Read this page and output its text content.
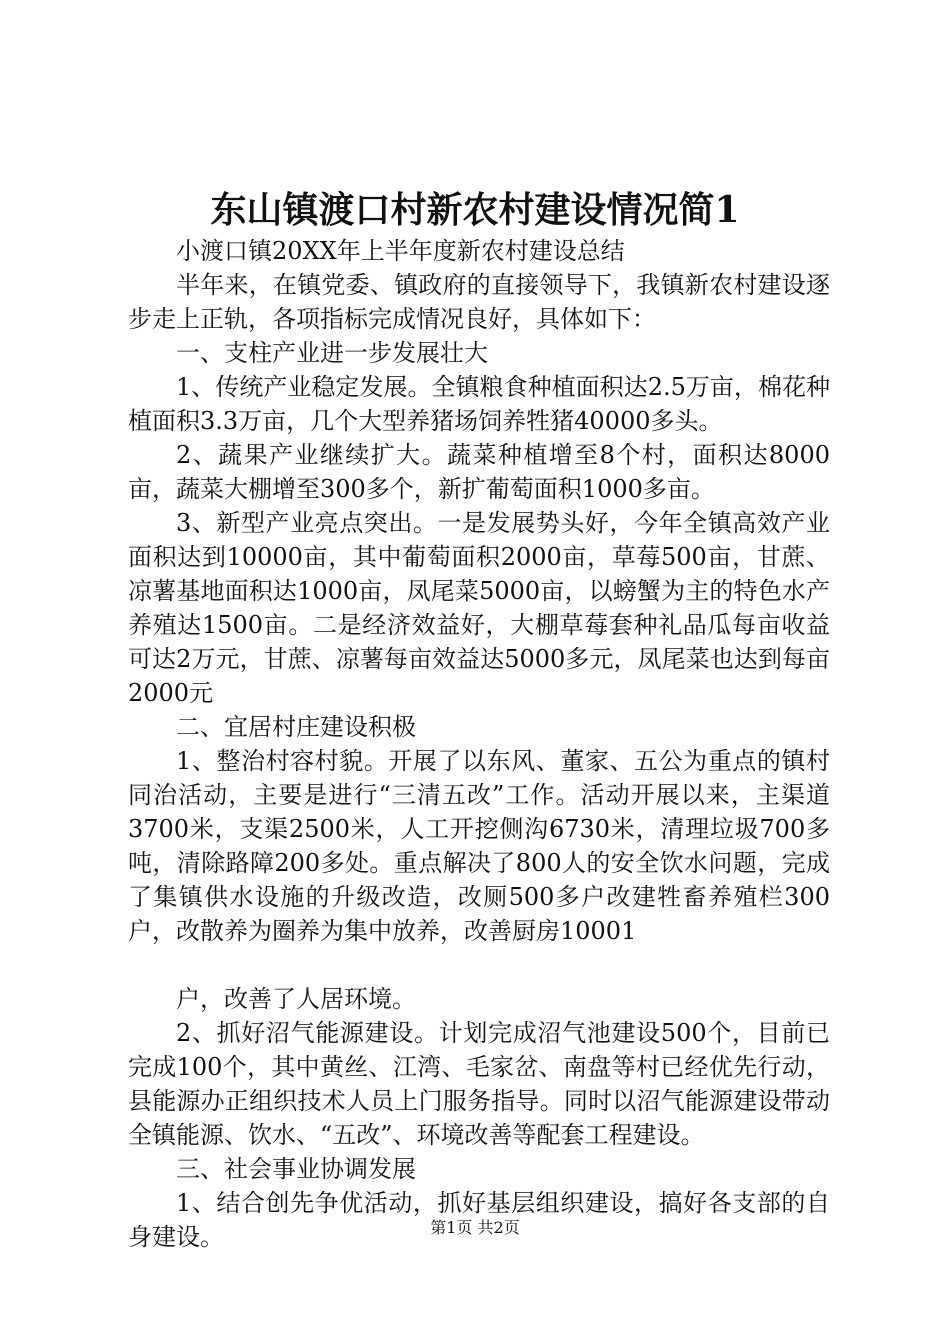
东山镇渡口村新农村建设情况简1

小渡口镇20XX年上半年度新农村建设总结

半年来，在镇党委、镇政府的直接领导下，我镇新农村建设逐步走上正轨，各项指标完成情况良好，具体如下：

一、支柱产业进一步发展壮大

1、传统产业稳定发展。全镇粮食种植面积达2.5万亩，棉花种植面积3.3万亩，几个大型养猪场饲养牲猪40000多头。

2、蔬果产业继续扩大。蔬菜种植增至8个村，面积达8000亩，蔬菜大棚增至300多个，新扩葡萄面积1000多亩。

3、新型产业亮点突出。一是发展势头好，今年全镇高效产业面积达到10000亩，其中葡萄面积2000亩，草莓500亩，甘蔗、凉薯基地面积达1000亩，凤尾菜5000亩，以螃蟹为主的特色水产养殖达1500亩。二是经济效益好，大棚草莓套种礼品瓜每亩收益可达2万元，甘蔗、凉薯每亩效益达5000多元，凤尾菜也达到每亩2000元

二、宜居村庄建设积极

1、整治村容村貌。开展了以东风、董家、五公为重点的镇村同治活动，主要是进行“三清五改”工作。活动开展以来，主渠道3700米，支渠2500米，人工开挖侧沟6730米，清理垃圾700多吨，清除路障200多处。重点解决了800人的安全饮水问题，完成了集镇供水设施的升级改造，改厕500多户改建牲畜养殖栏300户，改散养为圈养为集中放养，改善厨房10001

户，改善了人居环境。

2、抓好沼气能源建设。计划完成沼气池建设500个，目前已完成100个，其中黄丝、江湾、毛家岔、南盘等村已经优先行动，县能源办正组织技术人员上门服务指导。同时以沼气能源建设带动全镇能源、饮水、“五改”、环境改善等配套工程建设。

三、社会事业协调发展

1、结合创先争优活动，抓好基层组织建设，搞好各支部的自身建设。	第1页 共2页
